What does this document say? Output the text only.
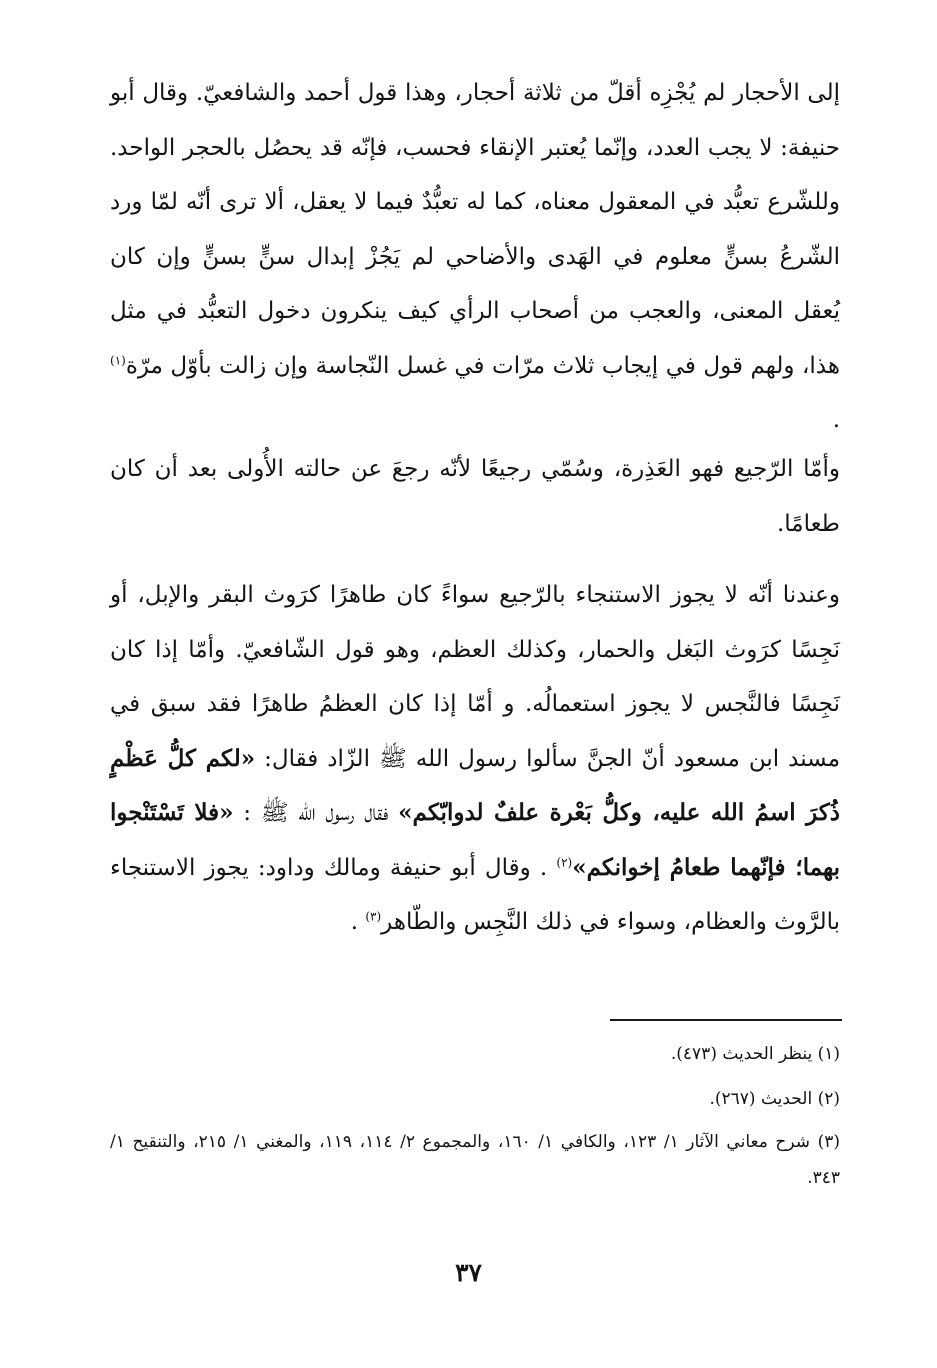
إلى الأحجار لم يُجْزِه أقلّ من ثلاثة أحجار، وهذا قول أحمد والشافعيّ. وقال أبو حنيفة: لا يجب العدد، وإنّما يُعتبر الإنقاء فحسب، فإنّه قد يحصُل بالحجر الواحد. وللشّرع تعبُّد في المعقول معناه، كما له تعبُّدٌ فيما لا يعقل، ألا ترى أنّه لمّا ورد الشّرعُ بسنٍّ معلوم في الهَدى والأضاحي لم يَجُزْ إبدال سنٍّ بسنٍّ وإن كان يُعقل المعنى، والعجب من أصحاب الرأي كيف ينكرون دخول التعبُّد في مثل هذا، ولهم قول في إيجاب ثلاث مرّات في غسل النّجاسة وإن زالت بأوّل مرّة$^{(١)}$ .

وأمّا الرّجيع فهو العَذِرة، وسُمّي رجيعًا لأنّه رجعَ عن حالته الأُولى بعد أن كان طعامًا.

وعندنا أنّه لا يجوز الاستنجاء بالرّجيع سواءً كان طاهرًا كرَوث البقر والإبل، أو نَجِسًا كرَوث البَغل والحمار، وكذلك العظم، وهو قول الشّافعيّ. وأمّا إذا كان نَجِسًا فالنَّجس لا يجوز استعمالُه. و أمّا إذا كان العظمُ طاهرًا فقد سبق في مسند ابن مسعود أنّ الجنَّ سألوا رسول الله ﷺ الزّاد فقال: «لكم كلُّ عَظْمٍ ذُكرَ اسمُ الله عليه، وكلُّ بَعْرة علفٌ لدوابّكم» فقال رسول الله ﷺ : «فلا تَسْتَنْجوا بهما؛ فإنّهما طعامُ إخوانكم»$^{(٢)}$ . وقال أبو حنيفة ومالك وداود: يجوز الاستنجاء بالرَّوث والعظام، وسواء في ذلك النَّجِس والطّاهر$^{(٣)}$ .

(١) ينظر الحديث (٤٧٣).

(٢) الحديث (٢٦٧).

(٣) شرح معاني الآثار ١/ ١٢٣، والكافي ١/ ١٦٠، والمجموع ٢/ ١١٤، ١١٩، والمغني ١/ ٢١٥، والتنقيح ١/ ٣٤٣.

٣٧
